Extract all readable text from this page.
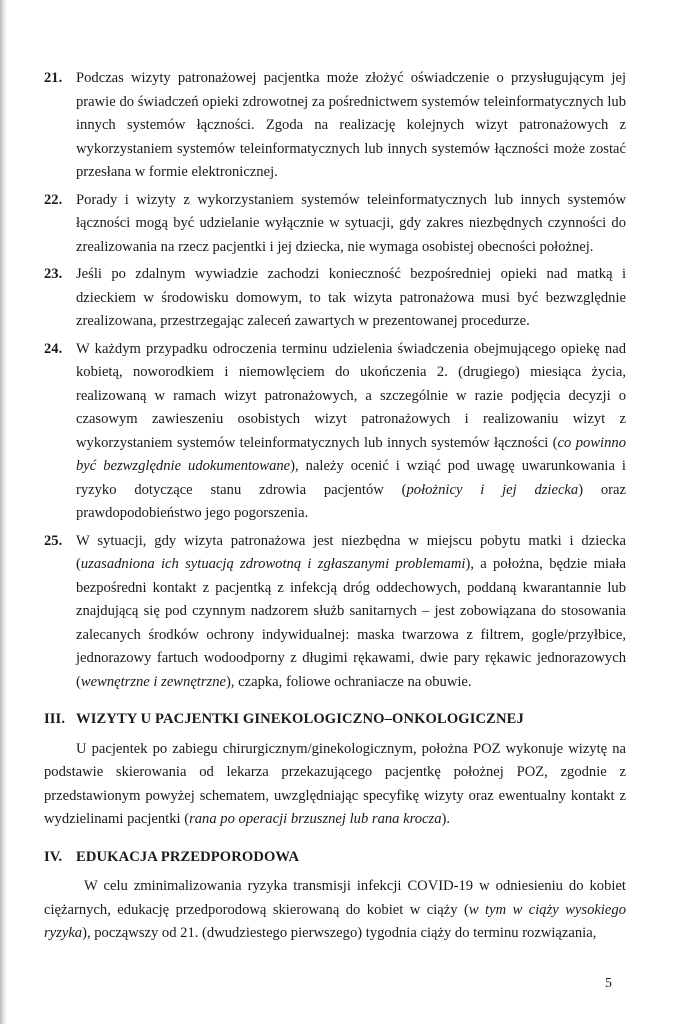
21. Podczas wizyty patronażowej pacjentka może złożyć oświadczenie o przysługującym jej prawie do świadczeń opieki zdrowotnej za pośrednictwem systemów teleinformatycznych lub innych systemów łączności. Zgoda na realizację kolejnych wizyt patronażowych z wykorzystaniem systemów teleinformatycznych lub innych systemów łączności może zostać przesłana w formie elektronicznej.
22. Porady i wizyty z wykorzystaniem systemów teleinformatycznych lub innych systemów łączności mogą być udzielanie wyłącznie w sytuacji, gdy zakres niezbędnych czynności do zrealizowania na rzecz pacjentki i jej dziecka, nie wymaga osobistej obecności położnej.
23. Jeśli po zdalnym wywiadzie zachodzi konieczność bezpośredniej opieki nad matką i dzieckiem w środowisku domowym, to tak wizyta patronażowa musi być bezwzględnie zrealizowana, przestrzegając zaleceń zawartych w prezentowanej procedurze.
24. W każdym przypadku odroczenia terminu udzielenia świadczenia obejmującego opiekę nad kobietą, noworodkiem i niemowlęciem do ukończenia 2. (drugiego) miesiąca życia, realizowaną w ramach wizyt patronażowych, a szczególnie w razie podjęcia decyzji o czasowym zawieszeniu osobistych wizyt patronażowych i realizowaniu wizyt z wykorzystaniem systemów teleinformatycznych lub innych systemów łączności (co powinno być bezwzględnie udokumentowane), należy ocenić i wziąć pod uwagę uwarunkowania i ryzyko dotyczące stanu zdrowia pacjentów (położnicy i jej dziecka) oraz prawdopodobieństwo jego pogorszenia.
25. W sytuacji, gdy wizyta patronażowa jest niezbędna w miejscu pobytu matki i dziecka (uzasadniona ich sytuacją zdrowotną i zgłaszanymi problemami), a położna, będzie miała bezpośredni kontakt z pacjentką z infekcją dróg oddechowych, poddaną kwarantannie lub znajdującą się pod czynnym nadzorem służb sanitarnych – jest zobowiązana do stosowania zalecanych środków ochrony indywidualnej: maska twarzowa z filtrem, gogle/przyłbice, jednorazowy fartuch wodoodporny z długimi rękawami, dwie pary rękawic jednorazowych (wewnętrzne i zewnętrzne), czapka, foliowe ochraniacze na obuwie.
III. WIZYTY U PACJENTKI GINEKOLOGICZNO–ONKOLOGICZNEJ

U pacjentek po zabiegu chirurgicznym/ginekologicznym, położna POZ wykonuje wizytę na podstawie skierowania od lekarza przekazującego pacjentkę położnej POZ, zgodnie z przedstawionym powyżej schematem, uwzględniając specyfikę wizyty oraz ewentualny kontakt z wydzielinami pacjentki (rana po operacji brzusznej lub rana krocza).

IV. EDUKACJA PRZEDPORODOWA

W celu zminimalizowania ryzyka transmisji infekcji COVID-19 w odniesieniu do kobiet ciężarnych, edukację przedporodową skierowaną do kobiet w ciąży (w tym w ciąży wysokiego ryzyka), począwszy od 21. (dwudziestego pierwszego) tygodnia ciąży do terminu rozwiązania,

5
